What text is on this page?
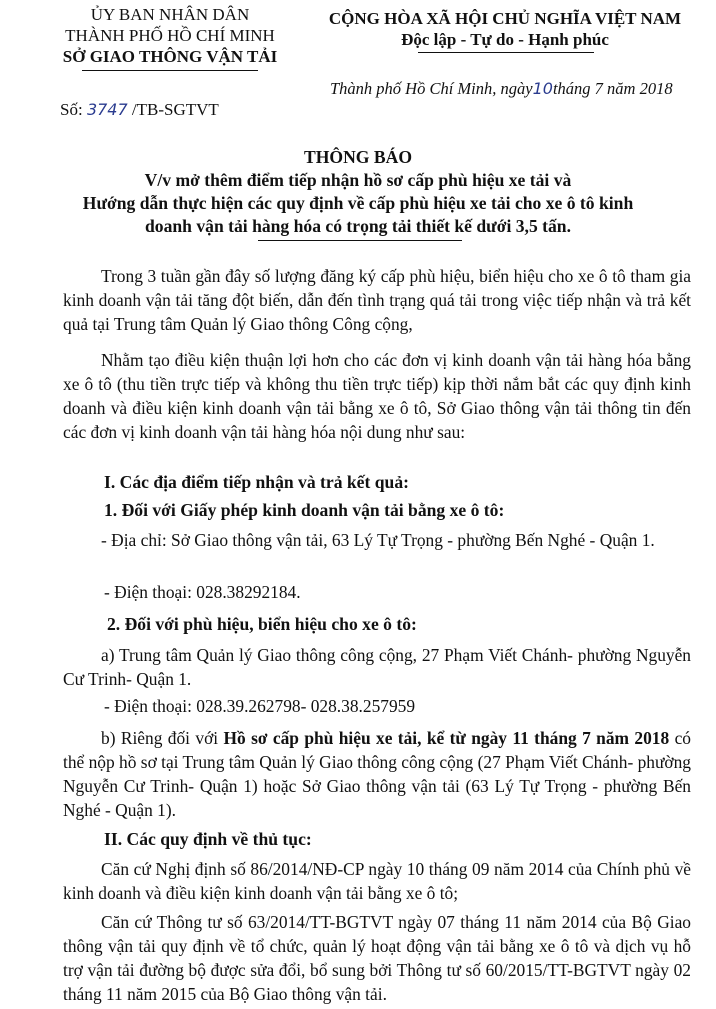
ỦY BAN NHÂN DÂN
THÀNH PHỐ HỒ CHÍ MINH
SỞ GIAO THÔNG VẬN TẢI
CỘNG HÒA XÃ HỘI CHỦ NGHĨA VIỆT NAM
Độc lập - Tự do - Hạnh phúc
Số: 3747 /TB-SGTVT
Thành phố Hồ Chí Minh, ngày10tháng 7 năm 2018
THÔNG BÁO
V/v mở thêm điểm tiếp nhận hồ sơ cấp phù hiệu xe tải và
Hướng dẫn thực hiện các quy định về cấp phù hiệu xe tải cho xe ô tô kinh
doanh vận tải hàng hóa có trọng tải thiết kế dưới 3,5 tấn.
Trong 3 tuần gần đây số lượng đăng ký cấp phù hiệu, biển hiệu cho xe ô tô tham gia kinh doanh vận tải tăng đột biến, dẫn đến tình trạng quá tải trong việc tiếp nhận và trả kết quả tại Trung tâm Quản lý Giao thông Công cộng,
Nhằm tạo điều kiện thuận lợi hơn cho các đơn vị kinh doanh vận tải hàng hóa bằng xe ô tô (thu tiền trực tiếp và không thu tiền trực tiếp) kịp thời nắm bắt các quy định kinh doanh và điều kiện kinh doanh vận tải bằng xe ô tô, Sở Giao thông vận tải thông tin đến các đơn vị kinh doanh vận tải hàng hóa nội dung như sau:
I. Các địa điểm tiếp nhận và trả kết quả:
1. Đối với Giấy phép kinh doanh vận tải bằng xe ô tô:
- Địa chỉ: Sở Giao thông vận tải, 63 Lý Tự Trọng - phường Bến Nghé - Quận 1.
- Điện thoại: 028.38292184.
2. Đối với phù hiệu, biển hiệu cho xe ô tô:
a) Trung tâm Quản lý Giao thông công cộng, 27 Phạm Viết Chánh- phường Nguyễn Cư Trinh- Quận 1.
- Điện thoại: 028.39.262798- 028.38.257959
b) Riêng đối với Hồ sơ cấp phù hiệu xe tải, kể từ ngày 11 tháng 7 năm 2018 có thể nộp hồ sơ tại Trung tâm Quản lý Giao thông công cộng (27 Phạm Viết Chánh- phường Nguyễn Cư Trinh- Quận 1) hoặc Sở Giao thông vận tải (63 Lý Tự Trọng - phường Bến Nghé - Quận 1).
II. Các quy định về thủ tục:
Căn cứ Nghị định số 86/2014/NĐ-CP ngày 10 tháng 09 năm 2014 của Chính phủ về kinh doanh và điều kiện kinh doanh vận tải bằng xe ô tô;
Căn cứ Thông tư số 63/2014/TT-BGTVT ngày 07 tháng 11 năm 2014 của Bộ Giao thông vận tải quy định về tổ chức, quản lý hoạt động vận tải bằng xe ô tô và dịch vụ hỗ trợ vận tải đường bộ được sửa đổi, bổ sung bởi Thông tư số 60/2015/TT-BGTVT ngày 02 tháng 11 năm 2015 của Bộ Giao thông vận tải.
